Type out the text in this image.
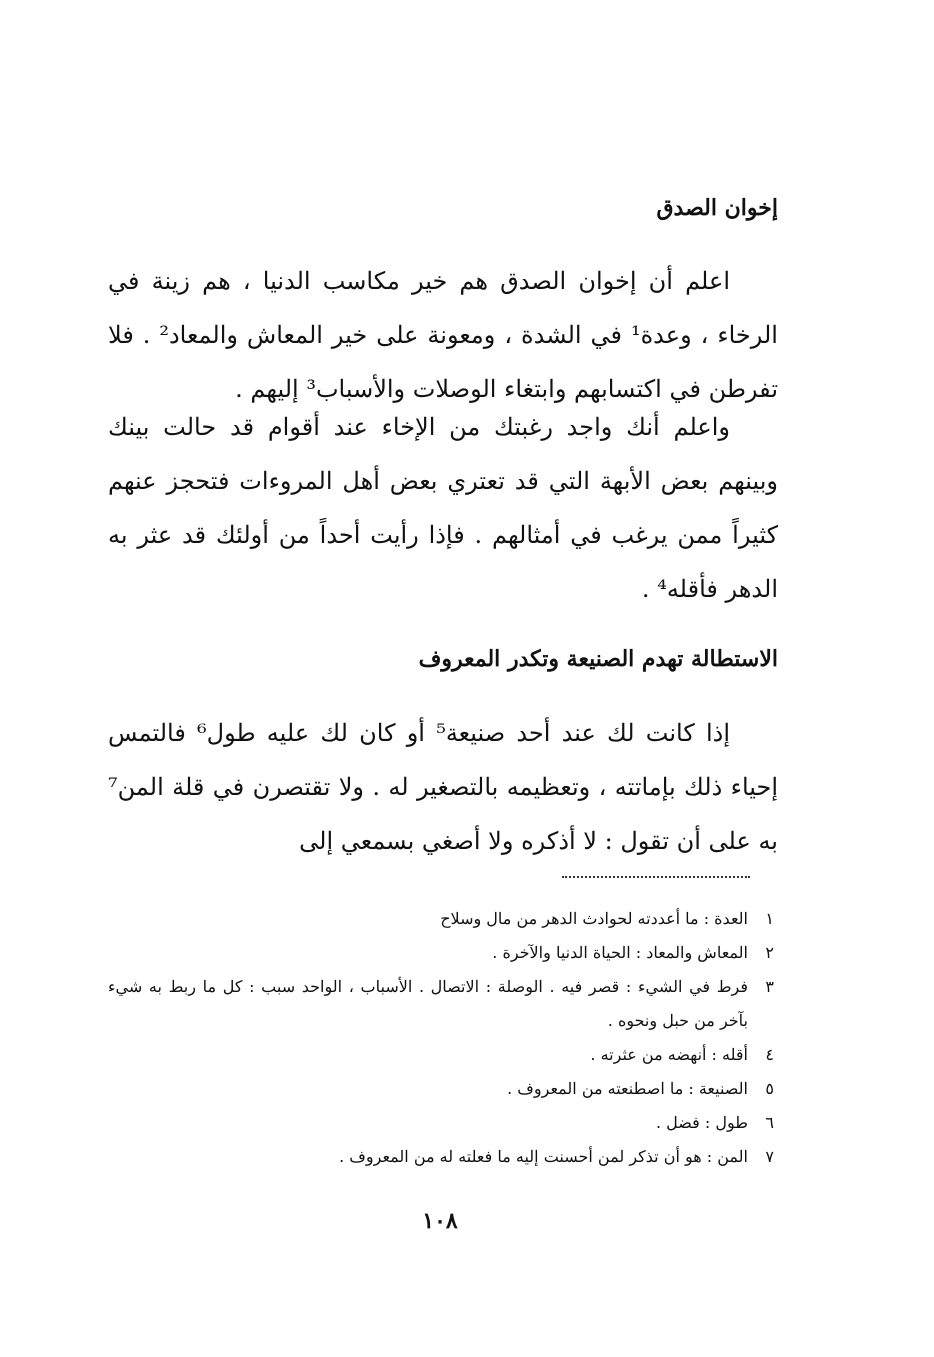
إخوان الصدق

اعلم أن إخوان الصدق هم خير مكاسب الدنيا ، هم زينة في الرخاء ، وعدة¹ في الشدة ، ومعونة على خير المعاش والمعاد² . فلا تفرطن في اكتسابهم وابتغاء الوصلات والأسباب³ إليهم .

واعلم أنك واجد رغبتك من الإخاء عند أقوام قد حالت بينك وبينهم بعض الأبهة التي قد تعتري بعض أهل المروءات فتحجز عنهم كثيراً ممن يرغب في أمثالهم . فإذا رأيت أحداً من أولئك قد عثر به الدهر فأقله⁴ .

الاستطالة تهدم الصنيعة وتكدر المعروف

إذا كانت لك عند أحد صنيعة⁵ أو كان لك عليه طول⁶ فالتمس إحياء ذلك بإماتته ، وتعظيمه بالتصغير له . ولا تقتصرن في قلة المن⁷ به على أن تقول : لا أذكره ولا أصغي بسمعي إلى

١
العدة : ما أعددته لحوادث الدهر من مال وسلاح
٢
المعاش والمعاد : الحياة الدنيا والآخرة .
٣
فرط في الشيء : قصر فيه . الوصلة : الاتصال . الأسباب ، الواحد سبب : كل ما ربط به شيء بآخر من حبل ونحوه .
٤
أقله : أنهضه من عثرته .
٥
الصنيعة : ما اصطنعته من المعروف .
٦
طول : فضل .
٧
المن : هو أن تذكر لمن أحسنت إليه ما فعلته له من المعروف .
١٠٨
